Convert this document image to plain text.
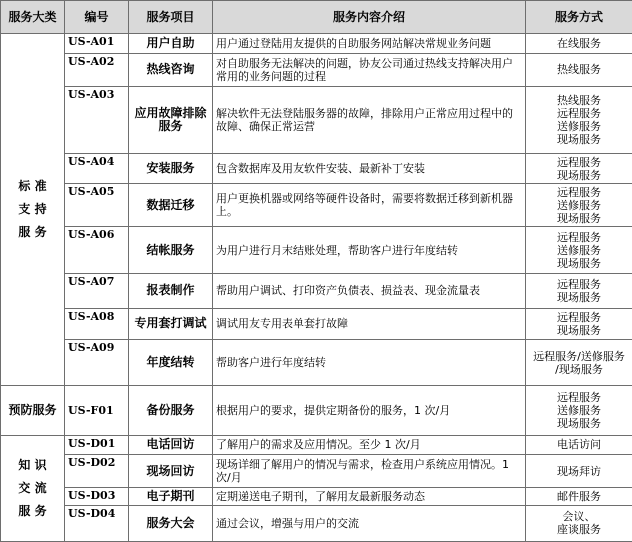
服务大类	编号	服务项目	服务内容介绍	服务方式

标 准
支 持
服 务	US-A01	用户自助	用户通过登陆用友提供的自助服务网站解决常规业务问题	在线服务

	US-A02	热线咨询	对自助服务无法解决的问题，协友公司通过热线支持解决用户常用的业务问题的过程	热线服务

	US-A03	应用故障排除服务	解决软件无法登陆服务器的故障，排除用户正常应用过程中的故障、确保正常运营	热线服务
远程服务
送修服务
现场服务

	US-A04	安装服务	包含数据库及用友软件安装、最新补丁安装	远程服务
现场服务

	US-A05	数据迁移	用户更换机器或网络等硬件设备时，需要将数据迁移到新机器上。	远程服务
送修服务
现场服务

	US-A06	结帐服务	为用户进行月末结账处理，帮助客户进行年度结转	远程服务
送修服务
现场服务

	US-A07	报表制作	帮助用户调试、打印资产负债表、损益表、现金流量表	远程服务
现场服务

	US-A08	专用套打调试	调试用友专用表单套打故障	远程服务
现场服务

	US-A09	年度结转	帮助客户进行年度结转	远程服务/送修服务
/现场服务

预防服务	US-F01	备份服务	根据用户的要求，提供定期备份的服务，1 次/月	远程服务
送修服务
现场服务

知 识
交 流
服 务	US-D01	电话回访	了解用户的需求及应用情况。至少 1 次/月	电话访问

	US-D02	现场回访	现场详细了解用户的情况与需求，检查用户系统应用情况。1 次/月	现场拜访

	US-D03	电子期刊	定期递送电子期刊，了解用友最新服务动态	邮件服务

	US-D04	服务大会	通过会议，增强与用户的交流	会议、
座谈服务
